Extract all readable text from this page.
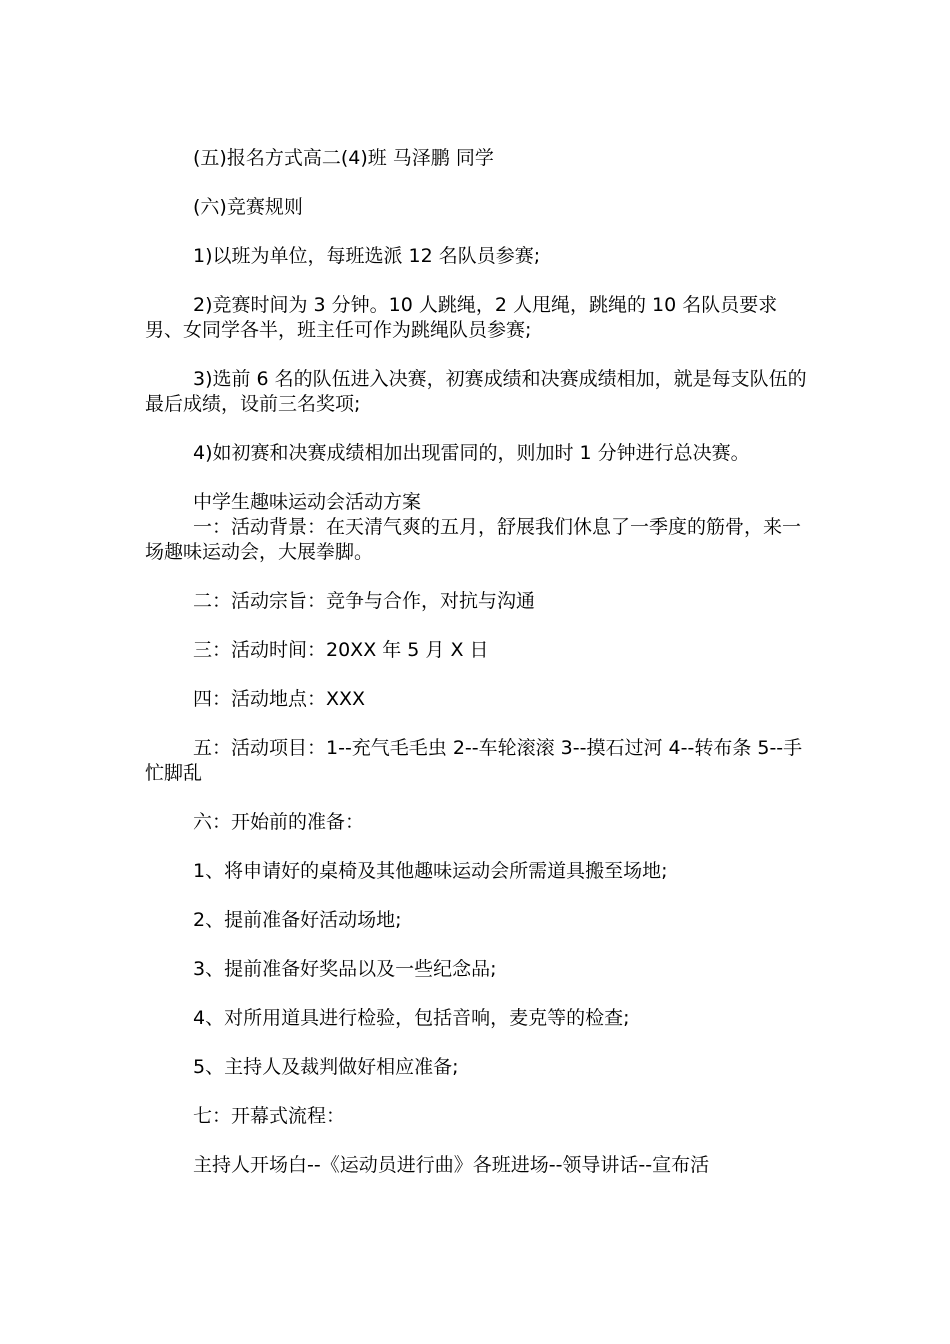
(五)报名方式高二(4)班 马泽鹏 同学

(六)竞赛规则

1)以班为单位，每班选派 12 名队员参赛;

2)竞赛时间为 3 分钟。10 人跳绳，2 人甩绳，跳绳的 10 名队员要求男、女同学各半，班主任可作为跳绳队员参赛;

3)选前 6 名的队伍进入决赛，初赛成绩和决赛成绩相加，就是每支队伍的最后成绩，设前三名奖项;

4)如初赛和决赛成绩相加出现雷同的，则加时 1 分钟进行总决赛。

中学生趣味运动会活动方案

一：活动背景：在天清气爽的五月，舒展我们休息了一季度的筋骨，来一场趣味运动会，大展拳脚。

二：活动宗旨：竞争与合作，对抗与沟通

三：活动时间：20XX 年 5 月 X 日

四：活动地点：XXX

五：活动项目：1--充气毛毛虫 2--车轮滚滚 3--摸石过河 4--转布条 5--手忙脚乱

六：开始前的准备：

1、将申请好的桌椅及其他趣味运动会所需道具搬至场地;

2、提前准备好活动场地;

3、提前准备好奖品以及一些纪念品;

4、对所用道具进行检验，包括音响，麦克等的检查;

5、主持人及裁判做好相应准备;

七：开幕式流程：

主持人开场白--《运动员进行曲》各班进场--领导讲话--宣布活
